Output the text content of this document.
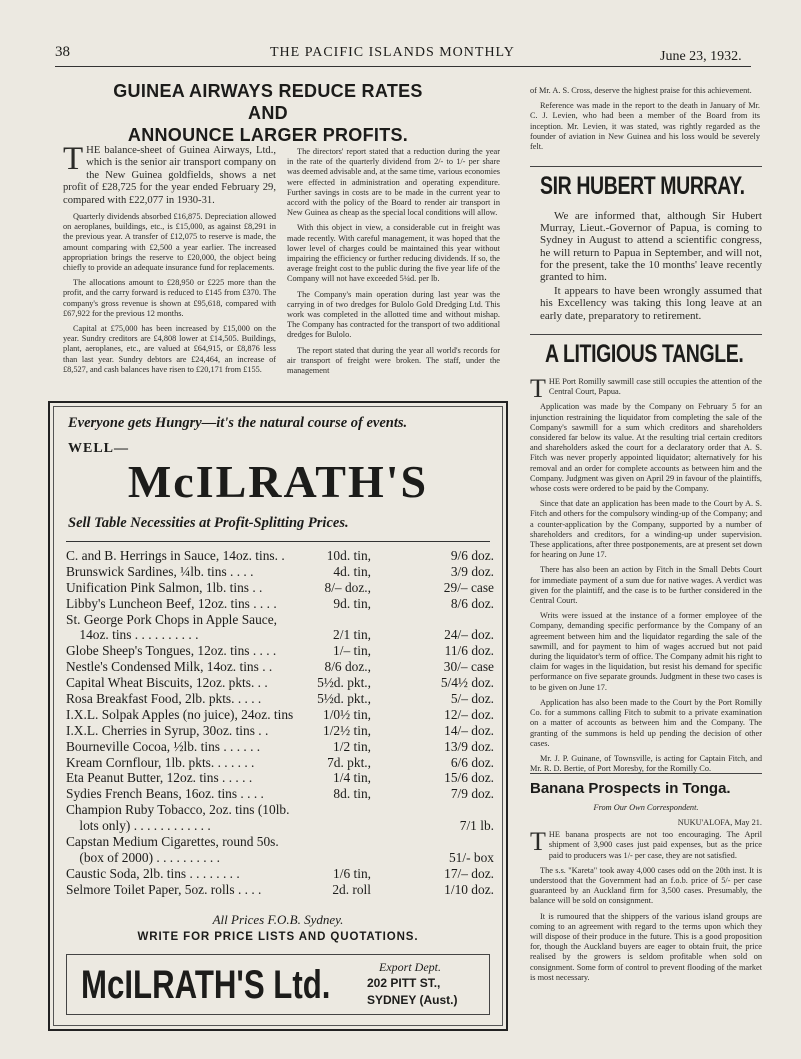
38	THE PACIFIC ISLANDS MONTHLY	June 23, 1932.
GUINEA AIRWAYS REDUCE RATES AND
ANNOUNCE LARGER PROFITS.

THE balance-sheet of Guinea Airways, Ltd., which is the senior air transport company on the New Guinea goldfields, shows a net profit of £28,725 for the year ended February 29, compared with £22,077 in 1930-31.

Quarterly dividends absorbed £16,875. Depreciation allowed on aeroplanes, buildings, etc., is £15,000, as against £8,291 in the previous year. A transfer of £12,075 to reserve is made, the amount comparing with £2,500 a year earlier. The increased appropriation brings the reserve to £20,000, the object being chiefly to provide an adequate insurance fund for replacements.

The allocations amount to £28,950 or £225 more than the profit, and the carry forward is reduced to £145 from £370. The company's gross revenue is shown at £95,618, compared with £67,922 for the previous 12 months.

Capital at £75,000 has been increased by £15,000 on the year. Sundry creditors are £4,808 lower at £14,505. Buildings, plant, aeroplanes, etc., are valued at £64,915, or £8,876 less than last year. Sundry debtors are £24,464, an increase of £8,527, and cash balances have risen to £20,171 from £155.

The directors' report stated that a reduction during the year in the rate of the quarterly dividend from 2/- to 1/- per share was deemed advisable and, at the same time, various economies were effected in administration and operating expenditure. Further savings in costs are to be made in the current year to accord with the policy of the Board to render air transport in New Guinea as cheap as the special local conditions will allow.

With this object in view, a considerable cut in freight was made recently. With careful management, it was hoped that the lower level of charges could be maintained this year without impairing the efficiency or further reducing dividends. If so, the average freight cost to the public during the five year life of the Company will not have exceeded 5¼d. per lb.

The Company's main operation during last year was the carrying in of two dredges for Bulolo Gold Dredging Ltd. This work was completed in the allotted time and without mishap. The Company has contracted for the transport of two additional dredges for Bulolo.

The report stated that during the year all world's records for air transport of freight were broken. The staff, under the management

of Mr. A. S. Cross, deserve the highest praise for this achievement.

Reference was made in the report to the death in January of Mr. C. J. Levien, who had been a member of the Board from its inception. Mr. Levien, it was stated, was rightly regarded as the founder of aviation in New Guinea and his loss would be severely felt.

SIR HUBERT MURRAY.

We are informed that, although Sir Hubert Murray, Lieut.-Governor of Papua, is coming to Sydney in August to attend a scientific congress, he will return to Papua in September, and will not, for the present, take the 10 months' leave recently granted to him.

It appears to have been wrongly assumed that his Excellency was taking this long leave at an early date, preparatory to retirement.

A LITIGIOUS TANGLE.

THE Port Romilly sawmill case still occupies the attention of the Central Court, Papua.

Application was made by the Company on February 5 for an injunction restraining the liquidator from completing the sale of the Company's sawmill for a sum which creditors and shareholders considered far below its value. At the resulting trial certain creditors and shareholders asked the court for a declaratory order that A. S. Fitch was never properly appointed liquidator; alternatively for his removal and an order for complete accounts as between him and the Company. Judgment was given on April 29 in favour of the plaintiffs, whose costs were ordered to be paid by the Company.

Since that date an application has been made to the Court by A. S. Fitch and others for the compulsory winding-up of the Company; and a counter-application by the Company, supported by a number of shareholders and creditors, for a winding-up under supervision. These applications, after three postponements, are at present set down for hearing on June 17.

There has also been an action by Fitch in the Small Debts Court for immediate payment of a sum due for native wages. A verdict was given for the plaintiff, and the case is to be further considered in the Central Court.

Writs were issued at the instance of a former employee of the Company, demanding specific performance by the Company of an agreement between him and the liquidator regarding the sale of the sawmill, and for payment to him of wages accrued but not paid during the liquidator's term of office. The Company admit his right to claim for wages in the liquidation, but resist his demand for specific performance on five separate grounds. Judgment in these two cases is to be given on June 17.

Application has also been made to the Court by the Port Romilly Co. for a summons calling Fitch to submit to a private examination on a matter of accounts as between him and the Company. The granting of the summons is held up pending the decision of other cases.

Mr. J. P. Guinane, of Townsville, is acting for Captain Fitch, and Mr. R. D. Bertie, of Port Moresby, for the Romilly Co.

Banana Prospects in Tonga.
From Our Own Correspondent.
NUKU'ALOFA, May 21.

THE banana prospects are not too encouraging. The April shipment of 3,900 cases just paid expenses, but as the price paid to producers was 1/- per case, they are not satisfied.

The s.s. "Kareta" took away 4,000 cases odd on the 20th inst. It is understood that the Government had an f.o.b. price of 5/- per case guaranteed by an Auckland firm for 3,500 cases. Presumably, the balance will be sold on consignment.

It is rumoured that the shippers of the various island groups are coming to an agreement with regard to the terms upon which they will dispose of their produce in the future. This is a good proposition for, though the Auckland buyers are eager to obtain fruit, the price realised by the growers is seldom profitable when sold on consignment. Some form of control to prevent flooding of the market is most necessary.

Everyone gets Hungry—it's the natural course of events.
WELL—
McILRATH'S
Sell Table Necessities at Profit-Splitting Prices.
C. and B. Herrings in Sauce, 14oz. tins. .	10d. tin,	9/6 doz.
Brunswick Sardines, ¼lb. tins . . . .	4d. tin,	3/9 doz.
Unification Pink Salmon, 1lb. tins . .	8/– doz.,	29/– case
Libby's Luncheon Beef, 12oz. tins . . . .	9d. tin,	8/6 doz.
St. George Pork Chops in Apple Sauce,
14oz. tins . . . . . . . . . .	2/1 tin,	24/– doz.
Globe Sheep's Tongues, 12oz. tins . . . .	1/– tin,	11/6 doz.
Nestle's Condensed Milk, 14oz. tins . .	8/6 doz.,	30/– case
Capital Wheat Biscuits, 12oz. pkts. . .	5½d. pkt.,	5/4½ doz.
Rosa Breakfast Food, 2lb. pkts. . . . .	5½d. pkt.,	5/– doz.
I.X.L. Solpak Apples (no juice), 24oz. tins 1/0½ tin,	12/– doz.
I.X.L. Cherries in Syrup, 30oz. tins . .	1/2½ tin,	14/– doz.
Bourneville Cocoa, ½lb. tins . . . . . .	1/2 tin,	13/9 doz.
Kream Cornflour, 1lb. pkts. . . . . . .	7d. pkt.,	6/6 doz.
Eta Peanut Butter, 12oz. tins . . . . .	1/4 tin,	15/6 doz.
Sydies French Beans, 16oz. tins . . . .	8d. tin,	7/9 doz.
Champion Ruby Tobacco, 2oz. tins (10lb.
lots only) . . . . . . . . . . . .	7/1 lb.
Capstan Medium Cigarettes, round 50s.
(box of 2000) . . . . . . . . . .	51/- box
Caustic Soda, 2lb. tins . . . . . . . .	1/6 tin,	17/– doz.
Selmore Toilet Paper, 5oz. rolls . . . .	2d. roll	1/10 doz.
All Prices F.O.B. Sydney.
WRITE FOR PRICE LISTS AND QUOTATIONS.
McILRATH'S Ltd.	Export Dept.
202 PITT ST.,
SYDNEY (Aust.)
